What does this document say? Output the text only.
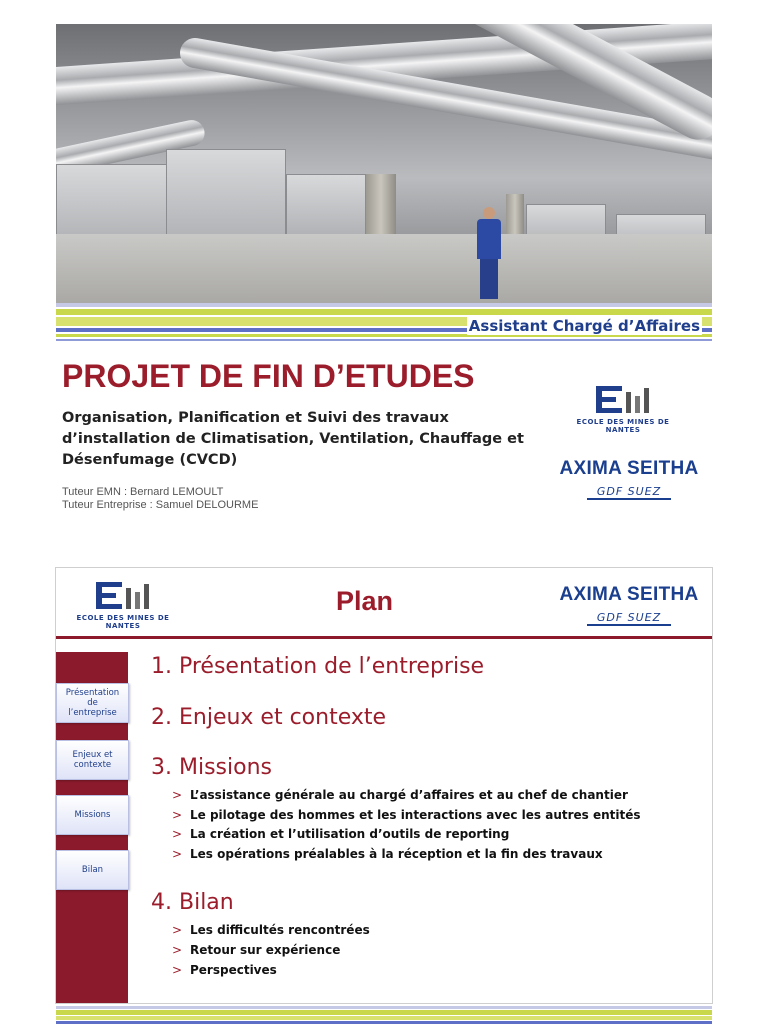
Assistant Chargé d’Affaires
PROJET DE FIN D’ETUDES
Organisation, Planification et Suivi des travaux
d’installation de Climatisation, Ventilation, Chauffage et
Désenfumage (CVCD)
Tuteur EMN : Bernard LEMOULT
Tuteur Entreprise : Samuel DELOURME
ECOLE DES MINES DE NANTES
AXIMA SEITHA
GDF SUEZ
ECOLE DES MINES DE NANTES
Plan	AXIMA SEITHA
GDF SUEZ
Présentation de l’entreprise
Enjeux et contexte
Missions
Bilan
1. Présentation de l’entreprise
2. Enjeux et contexte
3. Missions
> L’assistance générale au chargé d’affaires et au chef de chantier
> Le pilotage des hommes et les interactions avec les autres entités
> La création et l’utilisation d’outils de reporting
> Les opérations préalables à la réception et la fin des travaux
4. Bilan
> Les difficultés rencontrées
> Retour sur expérience
> Perspectives
